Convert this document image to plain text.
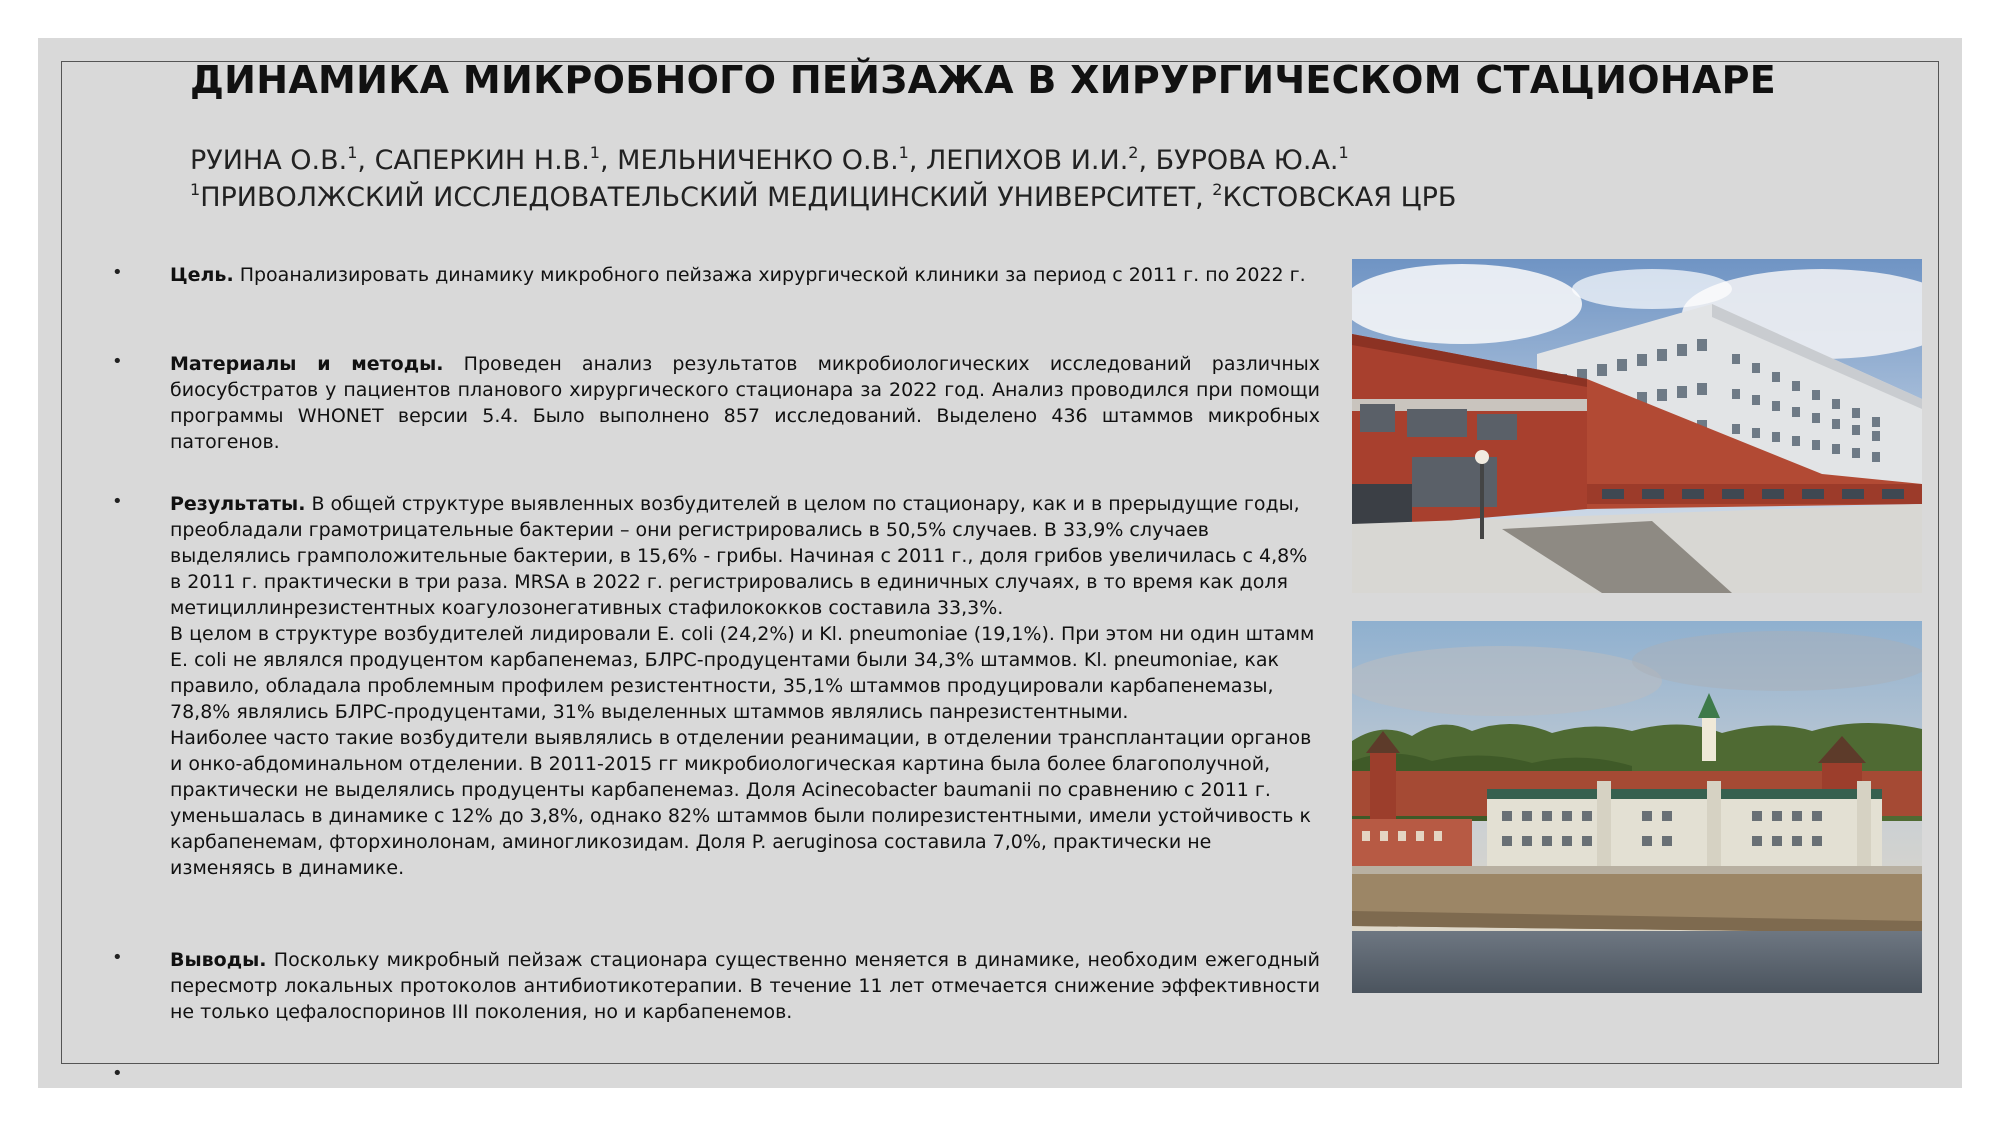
ДИНАМИКА МИКРОБНОГО ПЕЙЗАЖА В ХИРУРГИЧЕСКОМ СТАЦИОНАРЕ
РУИНА О.В.$^1$, САПЕРКИН Н.В.$^1$, МЕЛЬНИЧЕНКО О.В.$^1$, ЛЕПИХОВ И.И.$^2$, БУРОВА Ю.А.$^1$
$^1$ПРИВОЛЖСКИЙ ИССЛЕДОВАТЕЛЬСКИЙ МЕДИЦИНСКИЙ УНИВЕРСИТЕТ, $^2$КСТОВСКАЯ ЦРБ
•
•
•
•
•
Цель. Проанализировать динамику микробного пейзажа хирургической клиники за период с 2011 г. по 2022 г.
Материалы и методы. Проведен анализ результатов микробиологических исследований различных биосубстратов у пациентов планового хирургического стационара за 2022 год. Анализ проводился при помощи программы WHONET версии 5.4. Было выполнено 857 исследований. Выделено 436 штаммов микробных патогенов.

Результаты. В общей структуре выявленных возбудителей в целом по стационару, как и в прерыдущие годы, преобладали грамотрицательные бактерии – они регистрировались в 50,5% случаев. В 33,9% случаев выделялись грамположительные бактерии, в 15,6% - грибы. Начиная с 2011 г., доля грибов увеличилась с 4,8% в 2011 г. практически в три раза. MRSA в 2022 г. регистрировались в единичных случаях, в то время как доля метициллинрезистентных коагулозонегативных стафилококков составила 33,3%.

В целом в структуре возбудителей лидировали E. coli (24,2%) и Kl. pneumoniae (19,1%). При этом ни один штамм E. coli не являлся продуцентом карбапенемаз, БЛРС-продуцентами были 34,3% штаммов. Kl. pneumoniae, как правило, обладала проблемным профилем резистентности, 35,1% штаммов продуцировали карбапенемазы, 78,8% являлись БЛРС-продуцентами, 31% выделенных штаммов являлись панрезистентными.

Наиболее часто такие возбудители выявлялись в отделении реанимации, в отделении трансплантации органов и онко-абдоминальном отделении. В 2011-2015 гг микробиологическая картина была более благополучной, практически не выделялись продуценты карбапенемаз. Доля Acinecobacter baumanii по сравнению с 2011 г. уменьшалась в динамике с 12% до 3,8%, однако 82% штаммов были полирезистентными, имели устойчивость к карбапенемам, фторхинолонам, аминогликозидам. Доля P. aeruginosa составила 7,0%, практически не изменяясь в динамике.

Выводы. Поскольку микробный пейзаж стационара существенно меняется в динамике, необходим ежегодный пересмотр локальных протоколов антибиотикотерапии. В течение 11 лет отмечается снижение эффективности не только цефалоспоринов III поколения, но и карбапенемов.
